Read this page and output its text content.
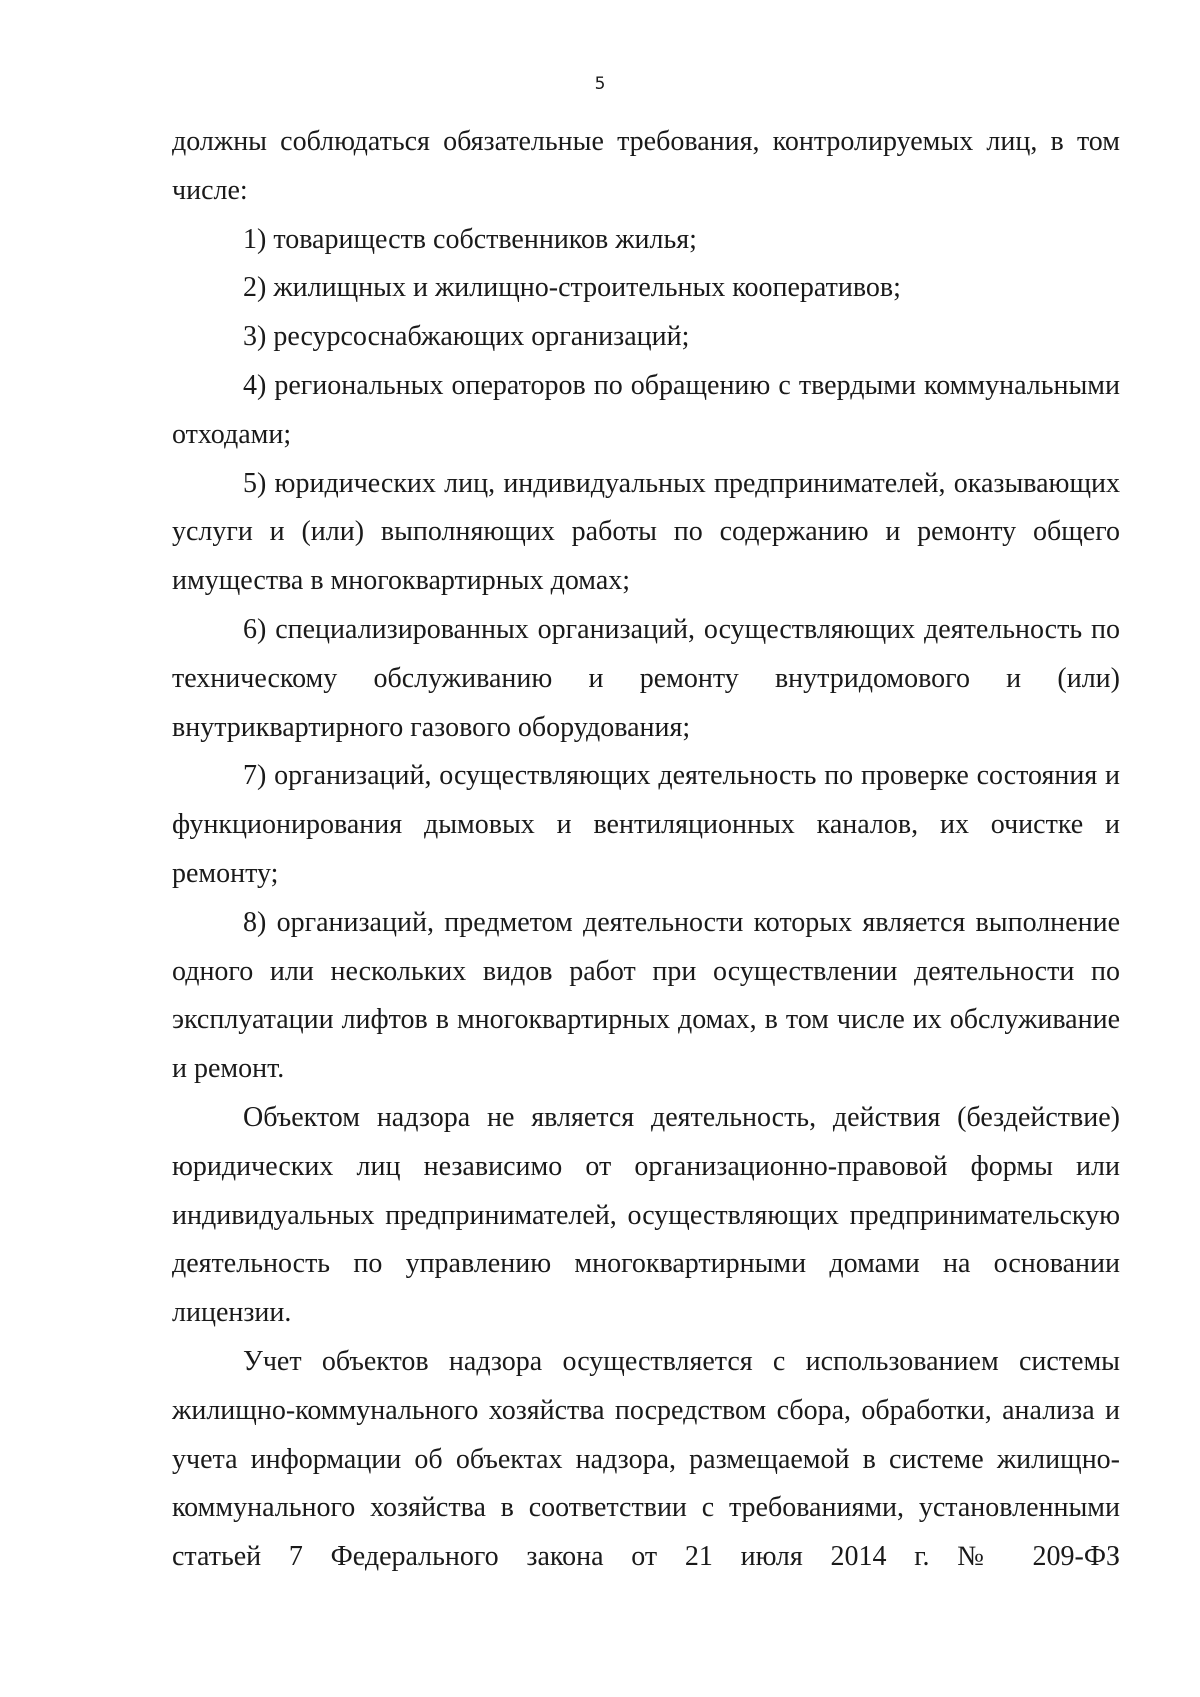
5

должны соблюдаться обязательные требования, контролируемых лиц, в том числе:

1) товариществ собственников жилья;

2) жилищных и жилищно-строительных кооперативов;

3) ресурсоснабжающих организаций;

4) региональных операторов по обращению с твердыми коммунальными отходами;

5) юридических лиц, индивидуальных предпринимателей, оказывающих услуги и (или) выполняющих работы по содержанию и ремонту общего имущества в многоквартирных домах;

6) специализированных организаций, осуществляющих деятельность по техническому обслуживанию и ремонту внутридомового и (или) внутриквартирного газового оборудования;

7) организаций, осуществляющих деятельность по проверке состояния и функционирования дымовых и вентиляционных каналов, их очистке и ремонту;

8) организаций, предметом деятельности которых является выполнение одного или нескольких видов работ при осуществлении деятельности по эксплуатации лифтов в многоквартирных домах, в том числе их обслуживание и ремонт.

Объектом надзора не является деятельность, действия (бездействие) юридических лиц независимо от организационно-правовой формы или индивидуальных предпринимателей, осуществляющих предпринимательскую деятельность по управлению многоквартирными домами на основании лицензии.

Учет объектов надзора осуществляется с использованием системы жилищно-коммунального хозяйства посредством сбора, обработки, анализа и учета информации об объектах надзора, размещаемой в системе жилищно-коммунального хозяйства в соответствии с требованиями, установленными статьей 7 Федерального закона от 21 июля 2014 г. № 209-ФЗ
